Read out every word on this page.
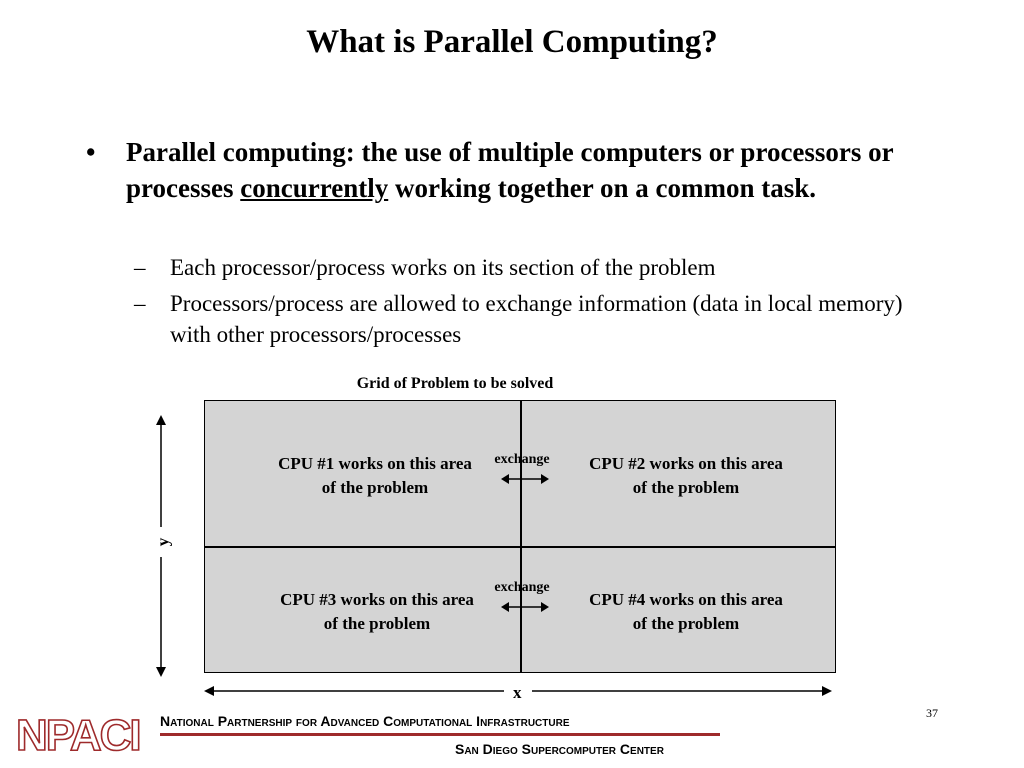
What is Parallel Computing?
• Parallel computing: the use of multiple computers or processors or processes concurrently working together on a common task.
– Each processor/process works on its section of the problem
– Processors/process are allowed to exchange information (data in local memory) with other processors/processes
Grid of Problem to be solved
CPU #1 works on this area
of the problem
CPU #2 works on this area
of the problem
CPU #3 works on this area
of the problem
CPU #4 works on this area
of the problem
exchange
exchange
y
x
37
NPACI National Partnership for Advanced Computational Infrastructure
San Diego Supercomputer Center
